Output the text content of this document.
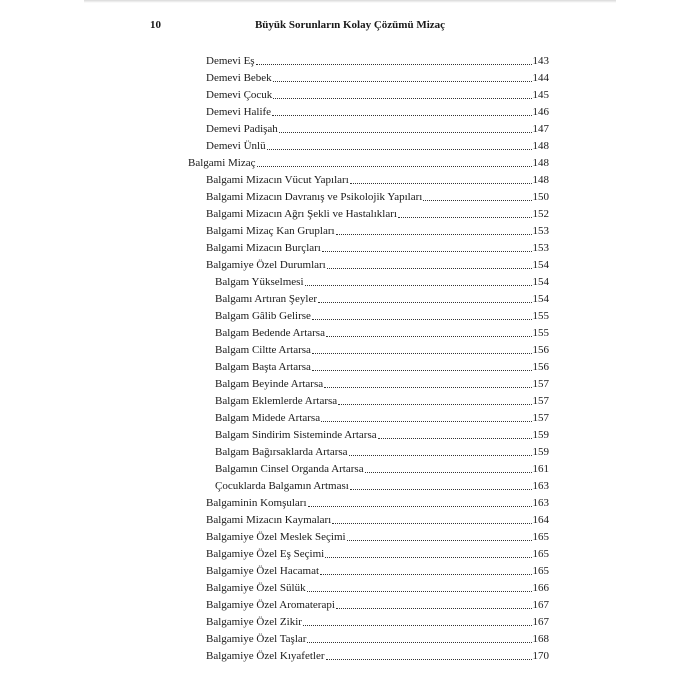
10	Büyük Sorunların Kolay Çözümü Mizaç
Demevi Eş	143
Demevi Bebek	144
Demevi Çocuk	145
Demevi Halife	146
Demevi Padişah	147
Demevi Ünlü	148
Balgami Mizaç	148
Balgami Mizacın Vücut Yapıları	148
Balgami Mizacın Davranış ve Psikolojik Yapıları	150
Balgami Mizacın Ağrı Şekli ve Hastalıkları	152
Balgami Mizaç Kan Grupları	153
Balgami Mizacın Burçları	153
Balgamiye Özel Durumları	154
Balgam Yükselmesi	154
Balgamı Artıran Şeyler	154
Balgam Gâlib Gelirse	155
Balgam Bedende Artarsa	155
Balgam Ciltte Artarsa	156
Balgam Başta Artarsa	156
Balgam Beyinde Artarsa	157
Balgam Eklemlerde Artarsa	157
Balgam Midede Artarsa	157
Balgam Sindirim Sisteminde Artarsa	159
Balgam Bağırsaklarda Artarsa	159
Balgamın Cinsel Organda Artarsa	161
Çocuklarda Balgamın Artması	163
Balgaminin Komşuları	163
Balgami Mizacın Kaymaları	164
Balgamiye Özel Meslek Seçimi	165
Balgamiye Özel Eş Seçimi	165
Balgamiye Özel Hacamat	165
Balgamiye Özel Sülük	166
Balgamiye Özel Aromaterapi	167
Balgamiye Özel Zikir	167
Balgamiye Özel Taşlar	168
Balgamiye Özel Kıyafetler	170
